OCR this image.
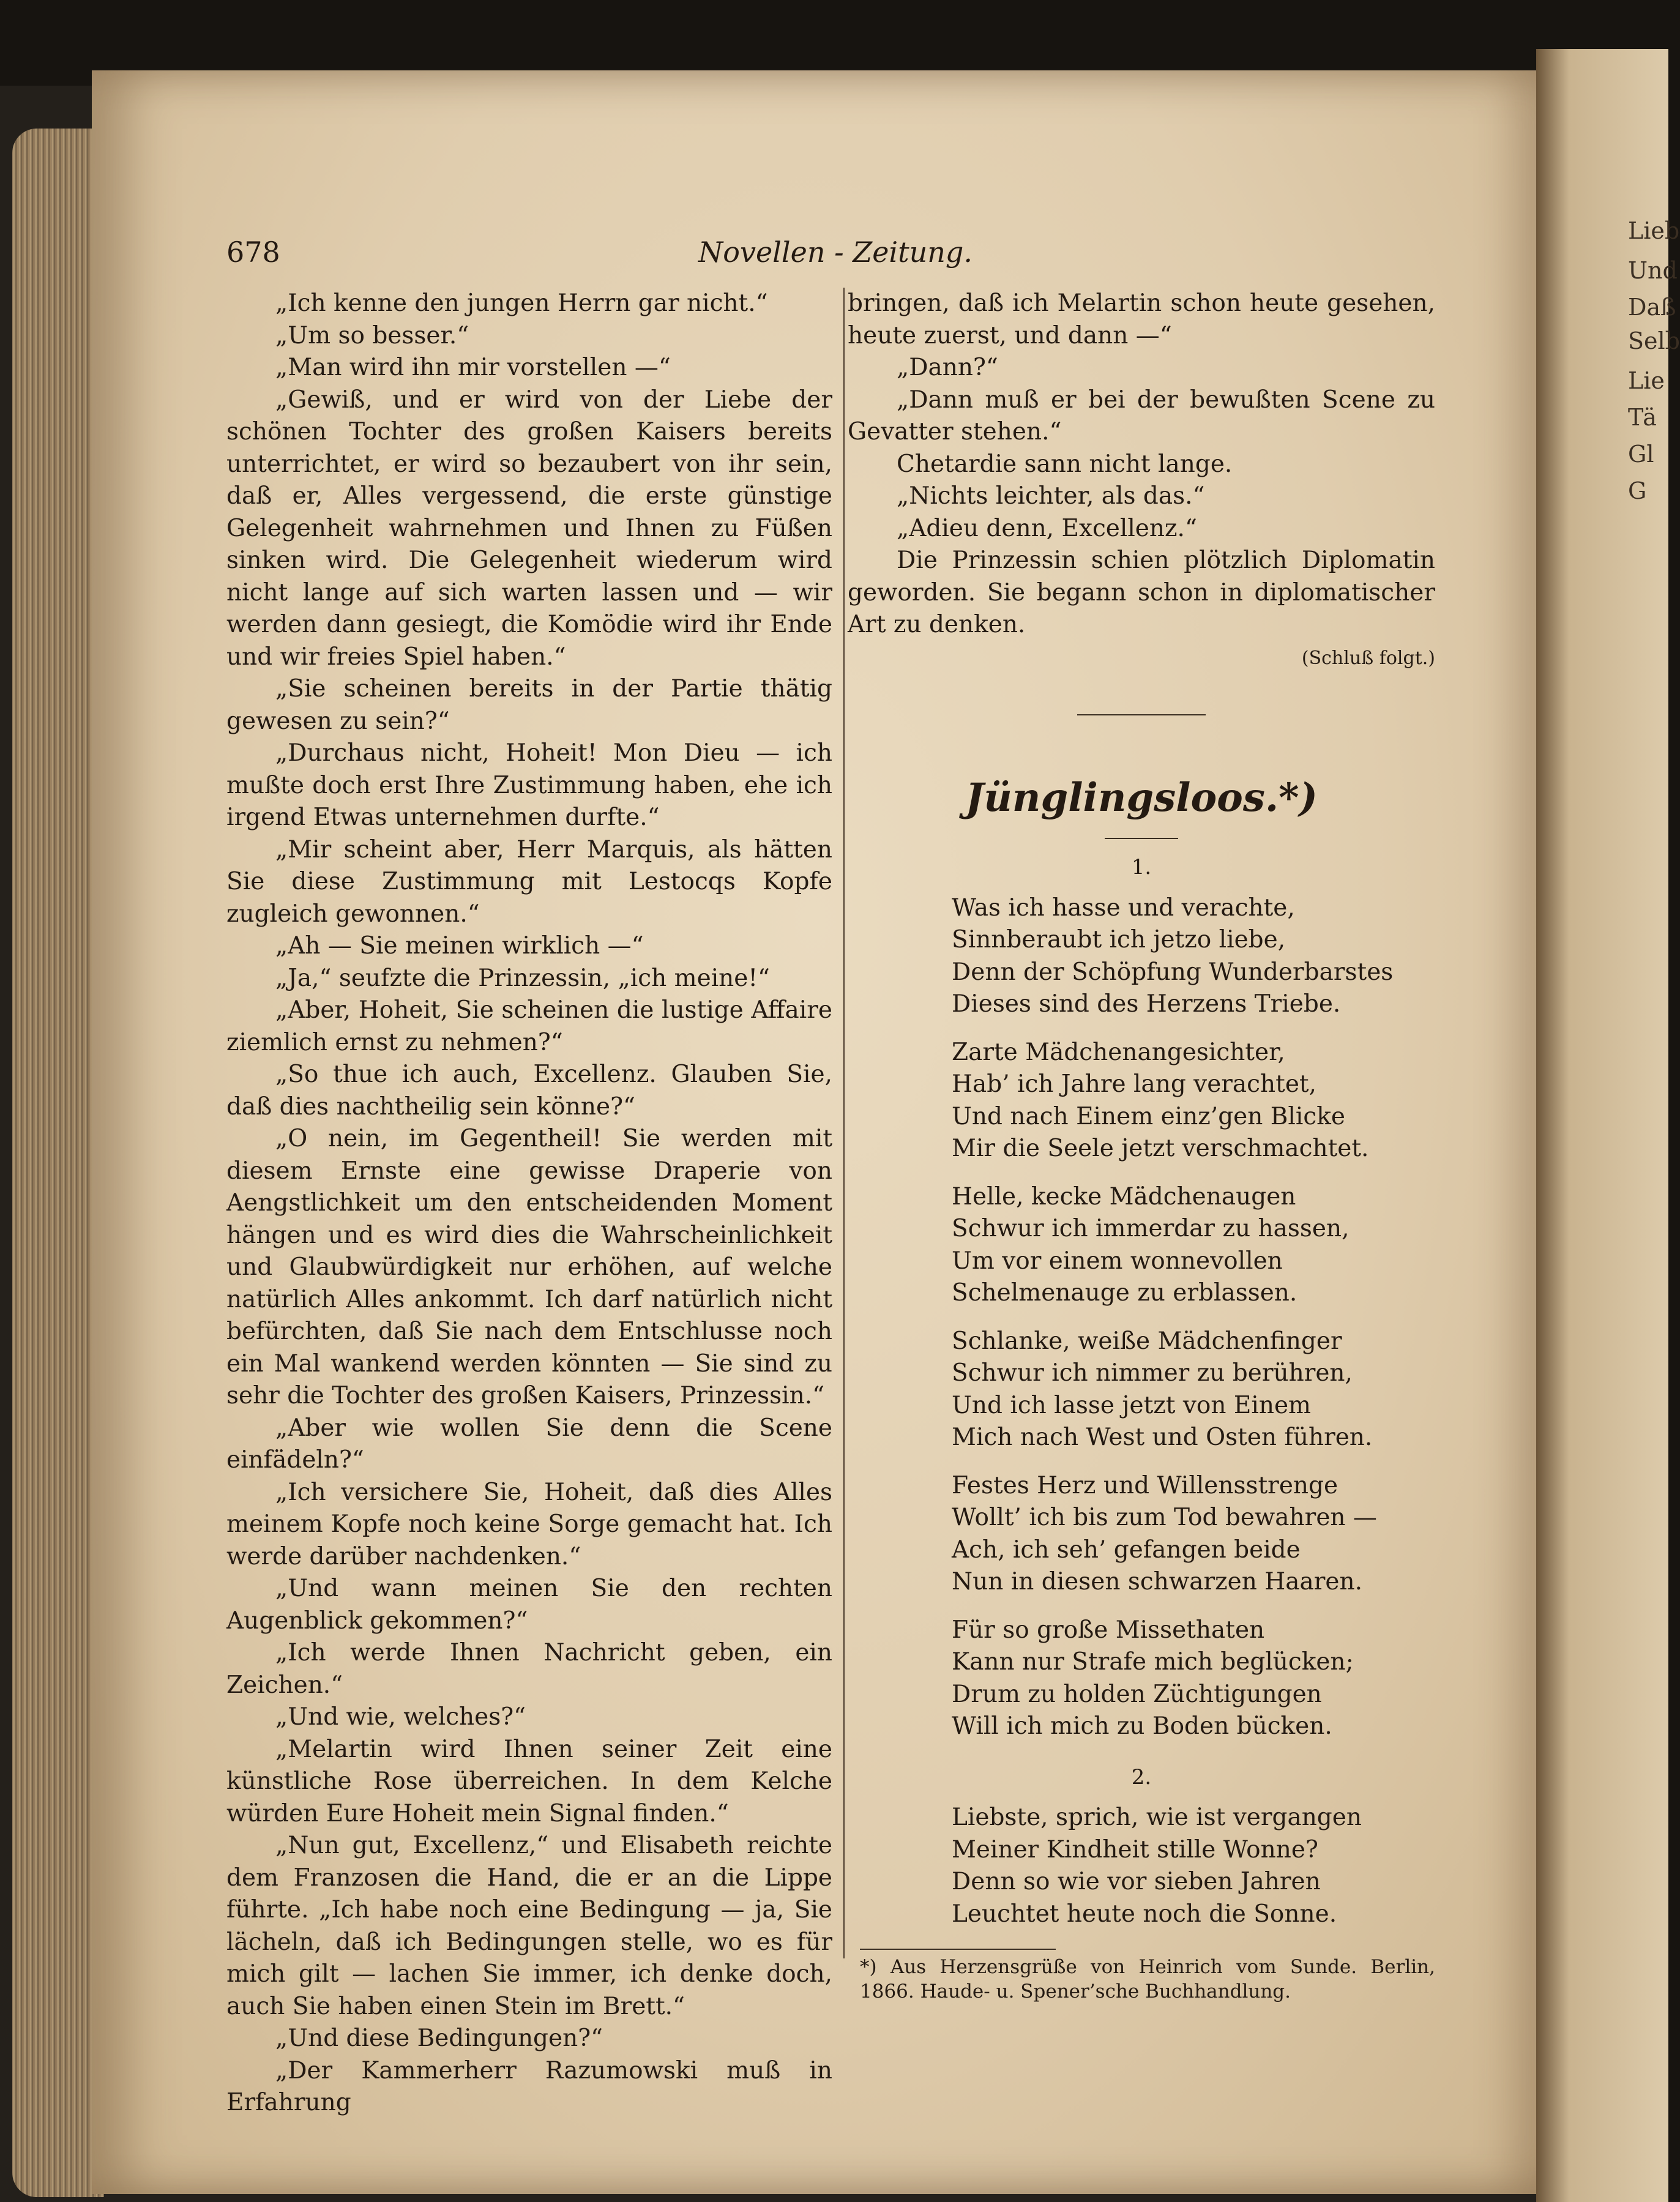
Lieb
Und
Daß
Selb
Lie
Tä
Gl
G
678	Novellen - Zeitung.

„Ich kenne den jungen Herrn gar nicht.“

„Um so besser.“

„Man wird ihn mir vorstellen —“

„Gewiß, und er wird von der Liebe der schönen Tochter des großen Kaisers bereits unterrichtet, er wird so bezaubert von ihr sein, daß er, Alles vergessend, die erste günstige Gelegenheit wahrnehmen und Ihnen zu Füßen sinken wird. Die Gelegenheit wiederum wird nicht lange auf sich warten lassen und — wir werden dann gesiegt, die Komödie wird ihr Ende und wir freies Spiel haben.“

„Sie scheinen bereits in der Partie thätig gewesen zu sein?“

„Durchaus nicht, Hoheit! Mon Dieu — ich mußte doch erst Ihre Zustimmung haben, ehe ich irgend Etwas unternehmen durfte.“

„Mir scheint aber, Herr Marquis, als hätten Sie diese Zustimmung mit Lestocqs Kopfe zugleich gewonnen.“

„Ah — Sie meinen wirklich —“

„Ja,“ seufzte die Prinzessin, „ich meine!“

„Aber, Hoheit, Sie scheinen die lustige Affaire ziemlich ernst zu nehmen?“

„So thue ich auch, Excellenz. Glauben Sie, daß dies nachtheilig sein könne?“

„O nein, im Gegentheil! Sie werden mit diesem Ernste eine gewisse Draperie von Aengstlichkeit um den entscheidenden Moment hängen und es wird dies die Wahrscheinlichkeit und Glaubwürdigkeit nur erhöhen, auf welche natürlich Alles ankommt. Ich darf natürlich nicht befürchten, daß Sie nach dem Entschlusse noch ein Mal wankend werden könnten — Sie sind zu sehr die Tochter des großen Kaisers, Prinzessin.“

„Aber wie wollen Sie denn die Scene einfädeln?“

„Ich versichere Sie, Hoheit, daß dies Alles meinem Kopfe noch keine Sorge gemacht hat. Ich werde darüber nachdenken.“

„Und wann meinen Sie den rechten Augenblick gekommen?“

„Ich werde Ihnen Nachricht geben, ein Zeichen.“

„Und wie, welches?“

„Melartin wird Ihnen seiner Zeit eine künstliche Rose überreichen. In dem Kelche würden Eure Hoheit mein Signal finden.“

„Nun gut, Excellenz,“ und Elisabeth reichte dem Franzosen die Hand, die er an die Lippe führte. „Ich habe noch eine Bedingung — ja, Sie lächeln, daß ich Bedingungen stelle, wo es für mich gilt — lachen Sie immer, ich denke doch, auch Sie haben einen Stein im Brett.“

„Und diese Bedingungen?“

„Der Kammerherr Razumowski muß in Erfahrung

bringen, daß ich Melartin schon heute gesehen, heute zuerst, und dann —“

„Dann?“

„Dann muß er bei der bewußten Scene zu Gevatter stehen.“

Chetardie sann nicht lange.

„Nichts leichter, als das.“

„Adieu denn, Excellenz.“

Die Prinzessin schien plötzlich Diplomatin geworden. Sie begann schon in diplomatischer Art zu denken.

(Schluß folgt.)
Jünglingsloos.*)
1.
Was ich hasse und verachte,
Sinnberaubt ich jetzo liebe,
Denn der Schöpfung Wunderbarstes
Dieses sind des Herzens Triebe.
Zarte Mädchenangesichter,
Hab’ ich Jahre lang verachtet,
Und nach Einem einz’gen Blicke
Mir die Seele jetzt verschmachtet.
Helle, kecke Mädchenaugen
Schwur ich immerdar zu hassen,
Um vor einem wonnevollen
Schelmenauge zu erblassen.
Schlanke, weiße Mädchenfinger
Schwur ich nimmer zu berühren,
Und ich lasse jetzt von Einem
Mich nach West und Osten führen.
Festes Herz und Willensstrenge
Wollt’ ich bis zum Tod bewahren —
Ach, ich seh’ gefangen beide
Nun in diesen schwarzen Haaren.
Für so große Missethaten
Kann nur Strafe mich beglücken;
Drum zu holden Züchtigungen
Will ich mich zu Boden bücken.
2.
Liebste, sprich, wie ist vergangen
Meiner Kindheit stille Wonne?
Denn so wie vor sieben Jahren
Leuchtet heute noch die Sonne.
*) Aus Herzensgrüße von Heinrich vom Sunde. Berlin, 1866. Haude- u. Spener’sche Buchhandlung.
